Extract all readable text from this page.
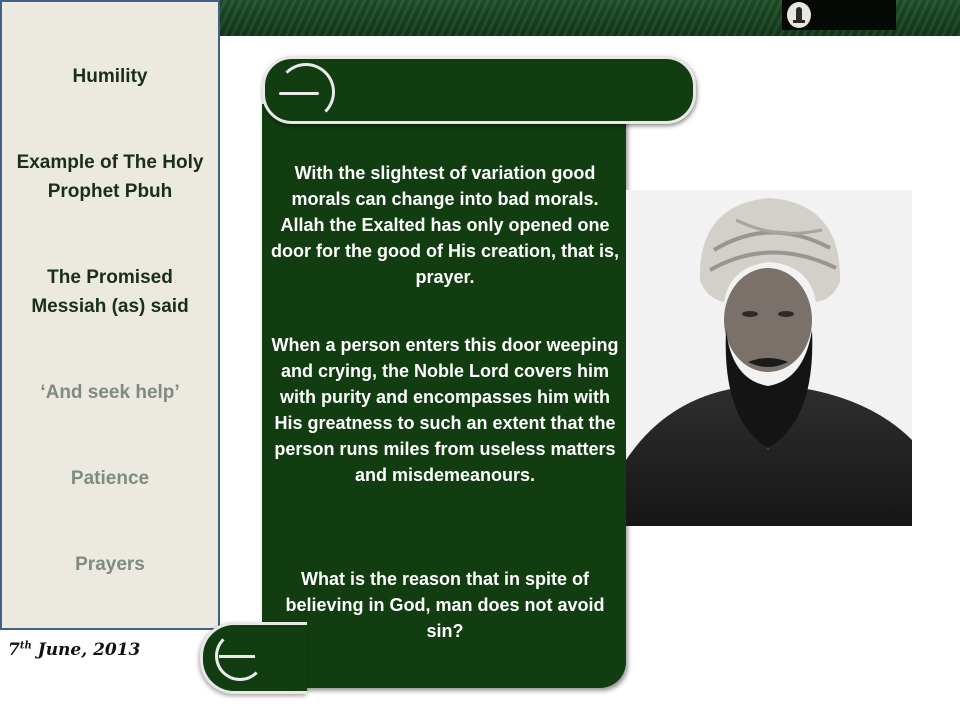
Humility
Example of The Holy Prophet Pbuh
The Promised Messiah (as) said
‘And seek help’
Patience
Prayers
With the slightest of variation good morals can change into bad morals. Allah the Exalted has only opened one door for the good of His creation, that is, prayer.
When a person enters this door weeping and crying, the Noble Lord covers him with purity and encompasses him with His greatness to such an extent that the person runs miles from useless matters and misdemeanours.
What is the reason that in spite of believing in God, man does not avoid sin?
7th June, 2013
